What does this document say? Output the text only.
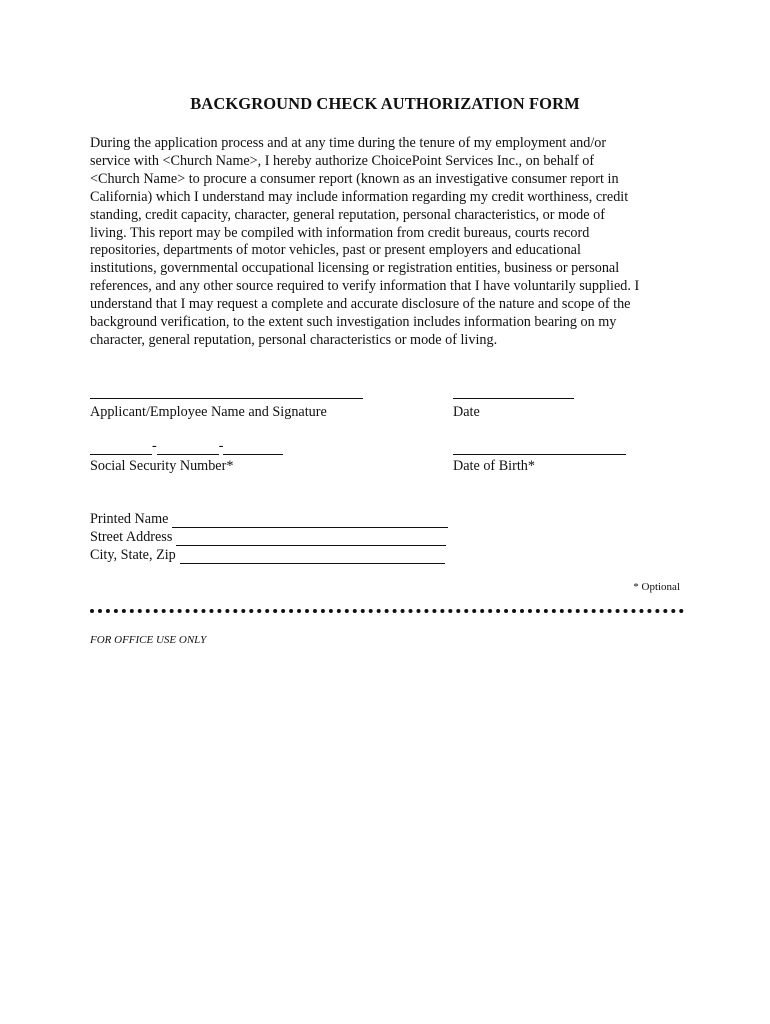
BACKGROUND CHECK AUTHORIZATION FORM
During the application process and at any time during the tenure of my employment and/or
service with <Church Name>, I hereby authorize ChoicePoint Services Inc., on behalf of
<Church Name> to procure a consumer report (known as an investigative consumer report in
California) which I understand may include information regarding my credit worthiness, credit
standing, credit capacity, character, general reputation, personal characteristics, or mode of
living. This report may be compiled with information from credit bureaus, courts record
repositories, departments of motor vehicles, past or present employers and educational
institutions, governmental occupational licensing or registration entities, business or personal
references, and any other source required to verify information that I have voluntarily supplied. I
understand that I may request a complete and accurate disclosure of the nature and scope of the
background verification, to the extent such investigation includes information bearing on my
character, general reputation, personal characteristics or mode of living.
Applicant/Employee Name and Signature	Date
-	-
Social Security Number*	Date of Birth*
Printed Name
Street Address
City, State, Zip
* Optional
FOR OFFICE USE ONLY
